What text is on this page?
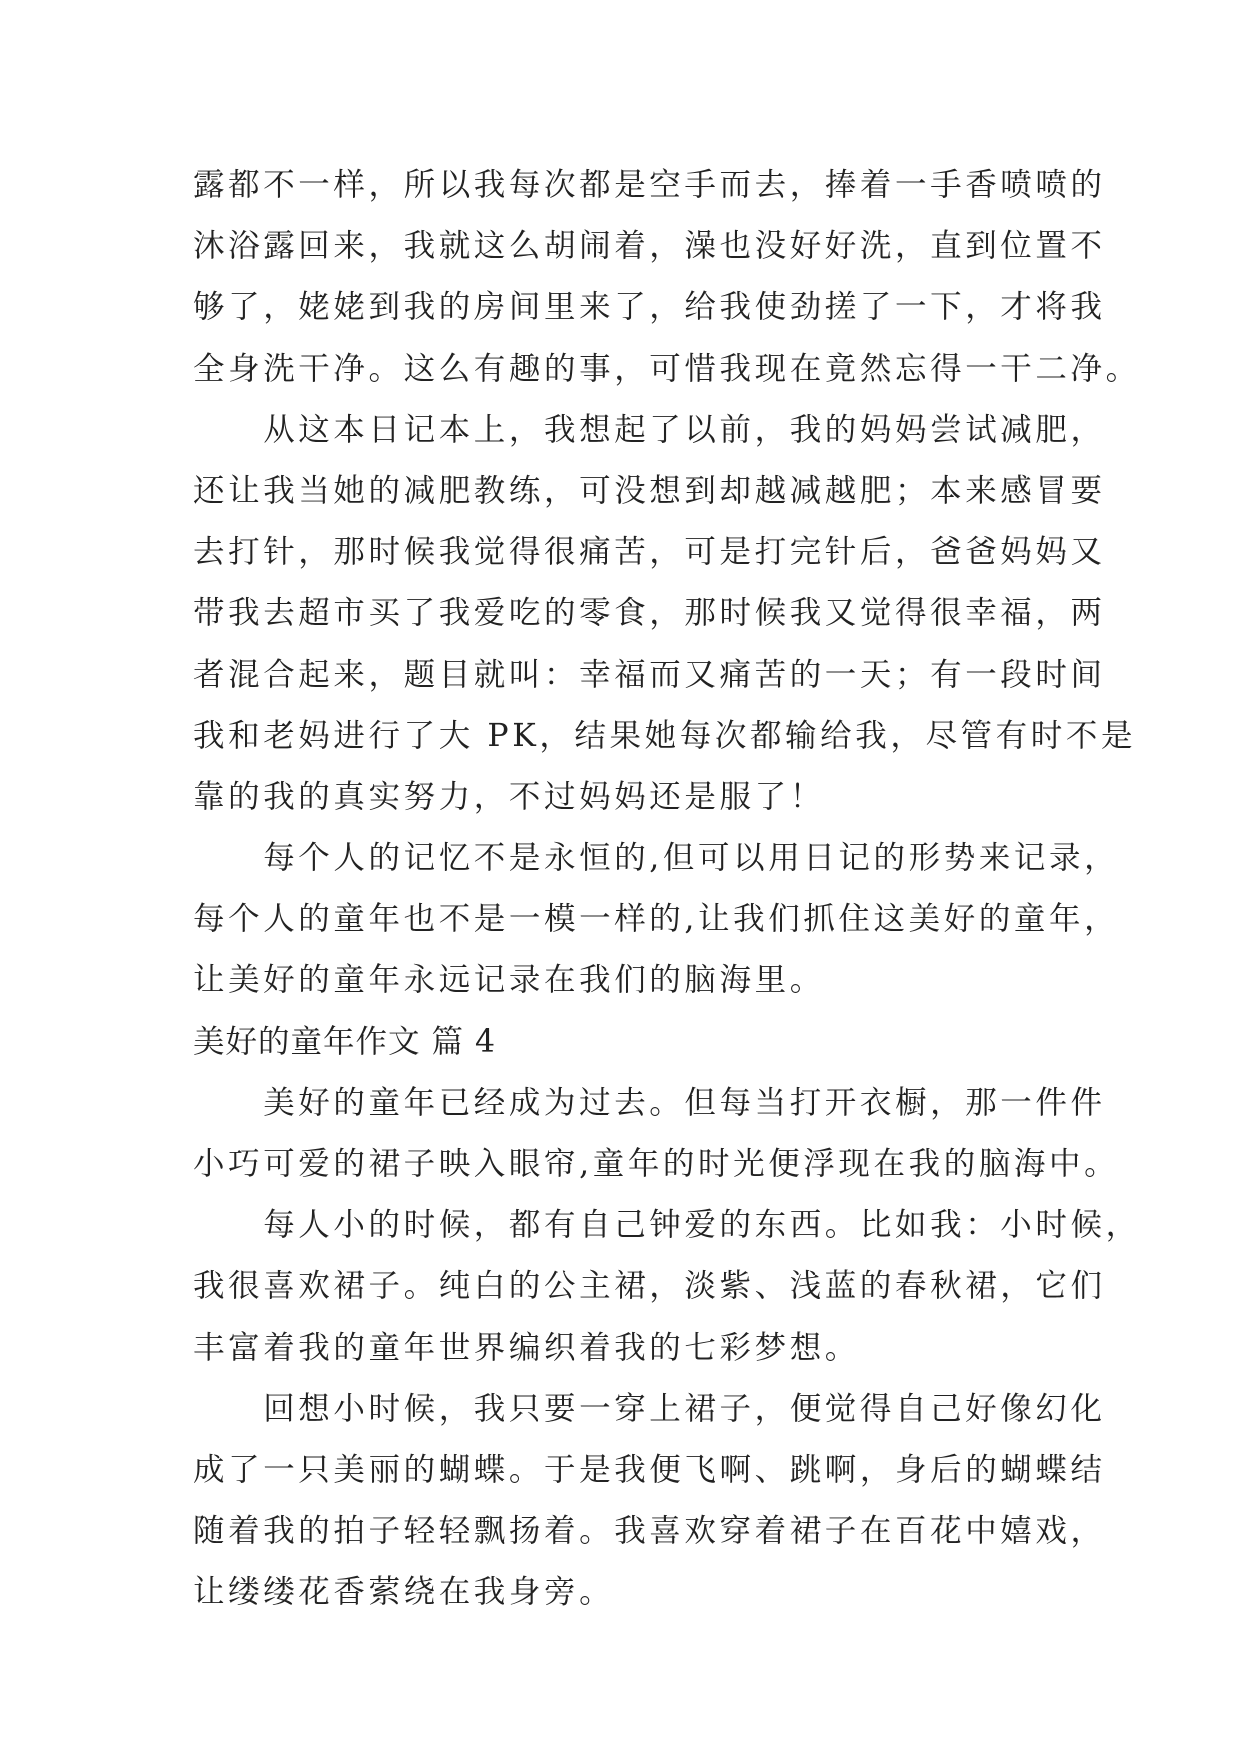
露都不一样，所以我每次都是空手而去，捧着一手香喷喷的
沐浴露回来，我就这么胡闹着，澡也没好好洗，直到位置不
够了，姥姥到我的房间里来了，给我使劲搓了一下，才将我
全身洗干净。这么有趣的事，可惜我现在竟然忘得一干二净。
　　从这本日记本上，我想起了以前，我的妈妈尝试减肥，
还让我当她的减肥教练，可没想到却越减越肥；本来感冒要
去打针，那时候我觉得很痛苦，可是打完针后，爸爸妈妈又
带我去超市买了我爱吃的零食，那时候我又觉得很幸福，两
者混合起来，题目就叫：幸福而又痛苦的一天；有一段时间
我和老妈进行了大 PK，结果她每次都输给我，尽管有时不是
靠的我的真实努力，不过妈妈还是服了！
　　每个人的记忆不是永恒的,但可以用日记的形势来记录，
每个人的童年也不是一模一样的,让我们抓住这美好的童年，
让美好的童年永远记录在我们的脑海里。
美好的童年作文 篇 4
　　美好的童年已经成为过去。但每当打开衣橱，那一件件
小巧可爱的裙子映入眼帘,童年的时光便浮现在我的脑海中。
　　每人小的时候，都有自己钟爱的东西。比如我：小时候，
我很喜欢裙子。纯白的公主裙，淡紫、浅蓝的春秋裙，它们
丰富着我的童年世界编织着我的七彩梦想。
　　回想小时候，我只要一穿上裙子，便觉得自己好像幻化
成了一只美丽的蝴蝶。于是我便飞啊、跳啊，身后的蝴蝶结
随着我的拍子轻轻飘扬着。我喜欢穿着裙子在百花中嬉戏，
让缕缕花香萦绕在我身旁。
